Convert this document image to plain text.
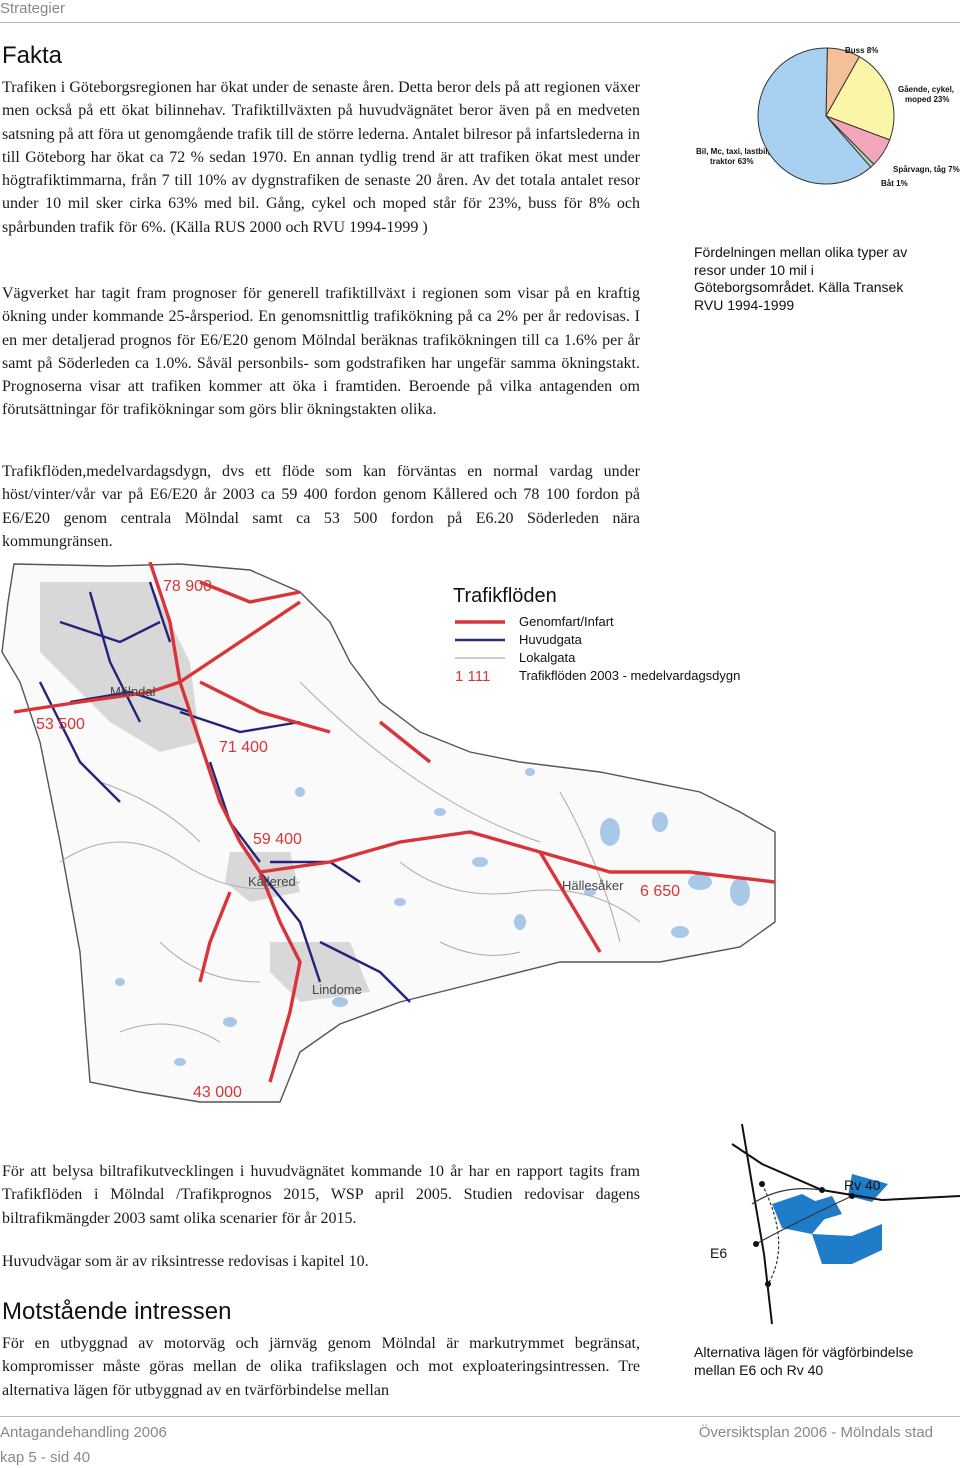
Strategier
Fakta

Trafiken i Göteborgsregionen har ökat under de senaste åren. Detta beror dels på att regionen växer men också på ett ökat bilinnehav. Trafiktillväxten på huvudvägnätet beror även på en medveten satsning på att föra ut genomgående trafik till de större lederna. Antalet bilresor på infartslederna in till Göteborg har ökat ca 72 % sedan 1970. En annan tydlig trend är att trafiken ökat mest under högtrafiktimmarna, från 7 till 10% av dygnstrafiken de senaste 20 åren. Av det totala antalet resor under 10 mil sker cirka 63% med bil. Gång, cykel och moped står för 23%, buss för 8% och spårbunden trafik för 6%. (Källa RUS 2000 och RVU 1994-1999 )

Vägverket har tagit fram prognoser för generell trafiktillväxt i regionen som visar på en kraftig ökning under kommande 25-årsperiod. En genomsnittlig trafikökning på ca 2% per år redovisas. I en mer detaljerad prognos för E6/E20 genom Mölndal beräknas trafikökningen till ca 1.6% per år samt på Söderleden ca 1.0%. Såväl personbils- som godstrafiken har ungefär samma ökningstakt. Prognoserna visar att trafiken kommer att öka i framtiden. Beroende på vilka antagenden om förutsättningar för trafikökningar som görs blir ökningstakten olika.

Trafikflöden,medelvardagsdygn, dvs ett flöde som kan förväntas en normal vardag under höst/vinter/vår var på E6/E20 år 2003 ca 59 400 fordon genom Kållered och 78 100 fordon på E6/E20 genom centrala Mölndal samt ca 53 500 fordon på E6.20 Söderleden nära kommungränsen.

Buss 8%
Gående, cykel,
moped 23%
Spårvagn, tåg 7%
Båt 1%
Bil, Mc, taxi, lastbil,
traktor 63%

Fördelningen mellan olika typer av resor under 10 mil i Göteborgsområdet. Källa Transek RVU 1994-1999

78 900
53 500
71 400
59 400
6 650
43 000
Mölndal
Kållered	Hällesåker
Lindome
Trafikflöden
Genomfart/Infart
Huvudgata
Lokalgata
Trafikflöden 2003 - medelvardagsdygn
1 111

För att belysa biltrafikutvecklingen i huvudvägnätet kommande 10 år har en rapport tagits fram Trafikflöden i Mölndal /Trafikprognos 2015, WSP april 2005. Studien redovisar dagens biltrafikmängder 2003 samt olika scenarier för år 2015.

Huvudvägar som är av riksintresse redovisas i kapitel 10.

Motstående intressen

För en utbyggnad av motorväg och järnväg genom Mölndal är markutrymmet begränsat, kompromisser måste göras mellan de olika trafikslagen och mot exploateringsintressen. Tre alternativa lägen för utbyggnad av en tvärförbindelse mellan

Rv 40
E6

Alternativa lägen för vägförbindelse mellan E6 och Rv 40

Antagandehandling 2006	Översiktsplan 2006 - Mölndals stad
kap 5 - sid 40
